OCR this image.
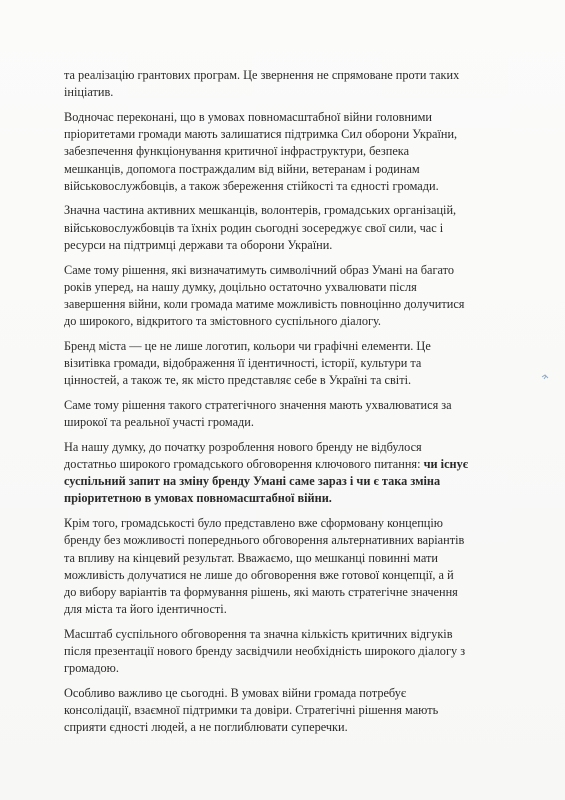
та реалізацію грантових програм. Це звернення не спрямоване проти таких
ініціатив.

Водночас переконані, що в умовах повномасштабної війни головними
пріоритетами громади мають залишатися підтримка Сил оборони України,
забезпечення функціонування критичної інфраструктури, безпека
мешканців, допомога постраждалим від війни, ветеранам і родинам
військовослужбовців, а також збереження стійкості та єдності громади.

Значна частина активних мешканців, волонтерів, громадських організацій,
військовослужбовців та їхніх родин сьогодні зосереджує свої сили, час і
ресурси на підтримці держави та оборони України.

Саме тому рішення, які визначатимуть символічний образ Умані на багато
років уперед, на нашу думку, доцільно остаточно ухвалювати після
завершення війни, коли громада матиме можливість повноцінно долучитися
до широкого, відкритого та змістовного суспільного діалогу.

Бренд міста — це не лише логотип, кольори чи графічні елементи. Це
візитівка громади, відображення її ідентичності, історії, культури та
цінностей, а також те, як місто представляє себе в Україні та світі.

Саме тому рішення такого стратегічного значення мають ухвалюватися за
широкої та реальної участі громади.

На нашу думку, до початку розроблення нового бренду не відбулося
достатньо широкого громадського обговорення ключового питання: чи існує
суспільний запит на зміну бренду Умані саме зараз і чи є така зміна
пріоритетною в умовах повномасштабної війни.

Крім того, громадськості було представлено вже сформовану концепцію
бренду без можливості попереднього обговорення альтернативних варіантів
та впливу на кінцевий результат. Вважаємо, що мешканці повинні мати
можливість долучатися не лише до обговорення вже готової концепції, а й
до вибору варіантів та формування рішень, які мають стратегічне значення
для міста та його ідентичності.

Масштаб суспільного обговорення та значна кількість критичних відгуків
після презентації нового бренду засвідчили необхідність широкого діалогу з
громадою.

Особливо важливо це сьогодні. В умовах війни громада потребує
консолідації, взаємної підтримки та довіри. Стратегічні рішення мають
сприяти єдності людей, а не поглиблювати суперечки.
